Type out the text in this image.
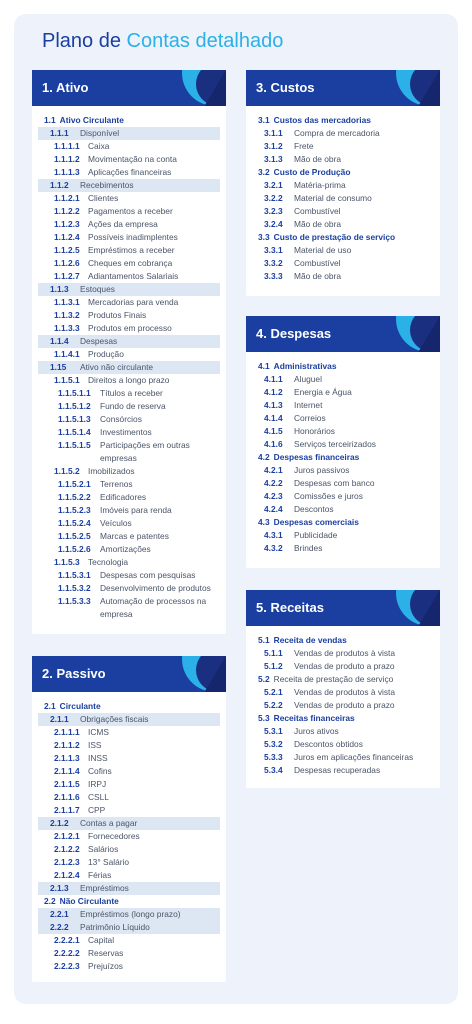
Plano de Contas detalhado
1. Ativo
1.1 Ativo Circulante
1.1.1 Disponível
1.1.1.1 Caixa
1.1.1.2 Movimentação na conta
1.1.1.3 Aplicações financeiras
1.1.2 Recebimentos
1.1.2.1 Clientes
1.1.2.2 Pagamentos a receber
1.1.2.3 Ações da empresa
1.1.2.4 Possíveis inadimplentes
1.1.2.5 Empréstimos a receber
1.1.2.6 Cheques em cobrança
1.1.2.7 Adiantamentos Salariais
1.1.3 Estoques
1.1.3.1 Mercadorias para venda
1.1.3.2 Produtos Finais
1.1.3.3 Produtos em processo
1.1.4 Despesas
1.1.4.1 Produção
1.15 Ativo não circulante
1.1.5.1 Direitos a longo prazo
1.1.5.1.1 Títulos a receber
1.1.5.1.2 Fundo de reserva
1.1.5.1.3 Consórcios
1.1.5.1.4 Investimentos
1.1.5.1.5 Participações em outras empresas
1.1.5.2 Imobilizados
1.1.5.2.1 Terrenos
1.1.5.2.2 Edificadores
1.1.5.2.3 Imóveis para renda
1.1.5.2.4 Veículos
1.1.5.2.5 Marcas e patentes
1.1.5.2.6 Amortizações
1.1.5.3 Tecnologia
1.1.5.3.1 Despesas com pesquisas
1.1.5.3.2 Desenvolvimento de produtos
1.1.5.3.3 Automação de processos na empresa
2. Passivo
2.1 Circulante
2.1.1 Obrigações fiscais
2.1.1.1 ICMS
2.1.1.2 ISS
2.1.1.3 INSS
2.1.1.4 Cofins
2.1.1.5 IRPJ
2.1.1.6 CSLL
2.1.1.7 CPP
2.1.2 Contas a pagar
2.1.2.1 Fornecedores
2.1.2.2 Salários
2.1.2.3 13° Salário
2.1.2.4 Férias
2.1.3 Empréstimos
2.2 Não Circulante
2.2.1 Empréstimos (longo prazo)
2.2.2 Patrimônio Líquido
2.2.2.1 Capital
2.2.2.2 Reservas
2.2.2.3 Prejuízos
3. Custos
3.1 Custos das mercadorias
3.1.1 Compra de mercadoria
3.1.2 Frete
3.1.3 Mão de obra
3.2 Custo de Produção
3.2.1 Matéria-prima
3.2.2 Material de consumo
3.2.3 Combustível
3.2.4 Mão de obra
3.3 Custo de prestação de serviço
3.3.1 Material de uso
3.3.2 Combustível
3.3.3 Mão de obra
4. Despesas
4.1 Administrativas
4.1.1 Aluguel
4.1.2 Energia e Água
4.1.3 Internet
4.1.4 Correios
4.1.5 Honorários
4.1.6 Serviços terceirizados
4.2 Despesas financeiras
4.2.1 Juros passivos
4.2.2 Despesas com banco
4.2.3 Comissões e juros
4.2.4 Descontos
4.3 Despesas comerciais
4.3.1 Publicidade
4.3.2 Brindes
5. Receitas
5.1 Receita de vendas
5.1.1 Vendas de produtos à vista
5.1.2 Vendas de produto a prazo
5.2 Receita de prestação de serviço
5.2.1 Vendas de produtos à vista
5.2.2 Vendas de produto a prazo
5.3 Receitas financeiras
5.3.1 Juros ativos
5.3.2 Descontos obtidos
5.3.3 Juros em aplicações financeiras
5.3.4 Despesas recuperadas
